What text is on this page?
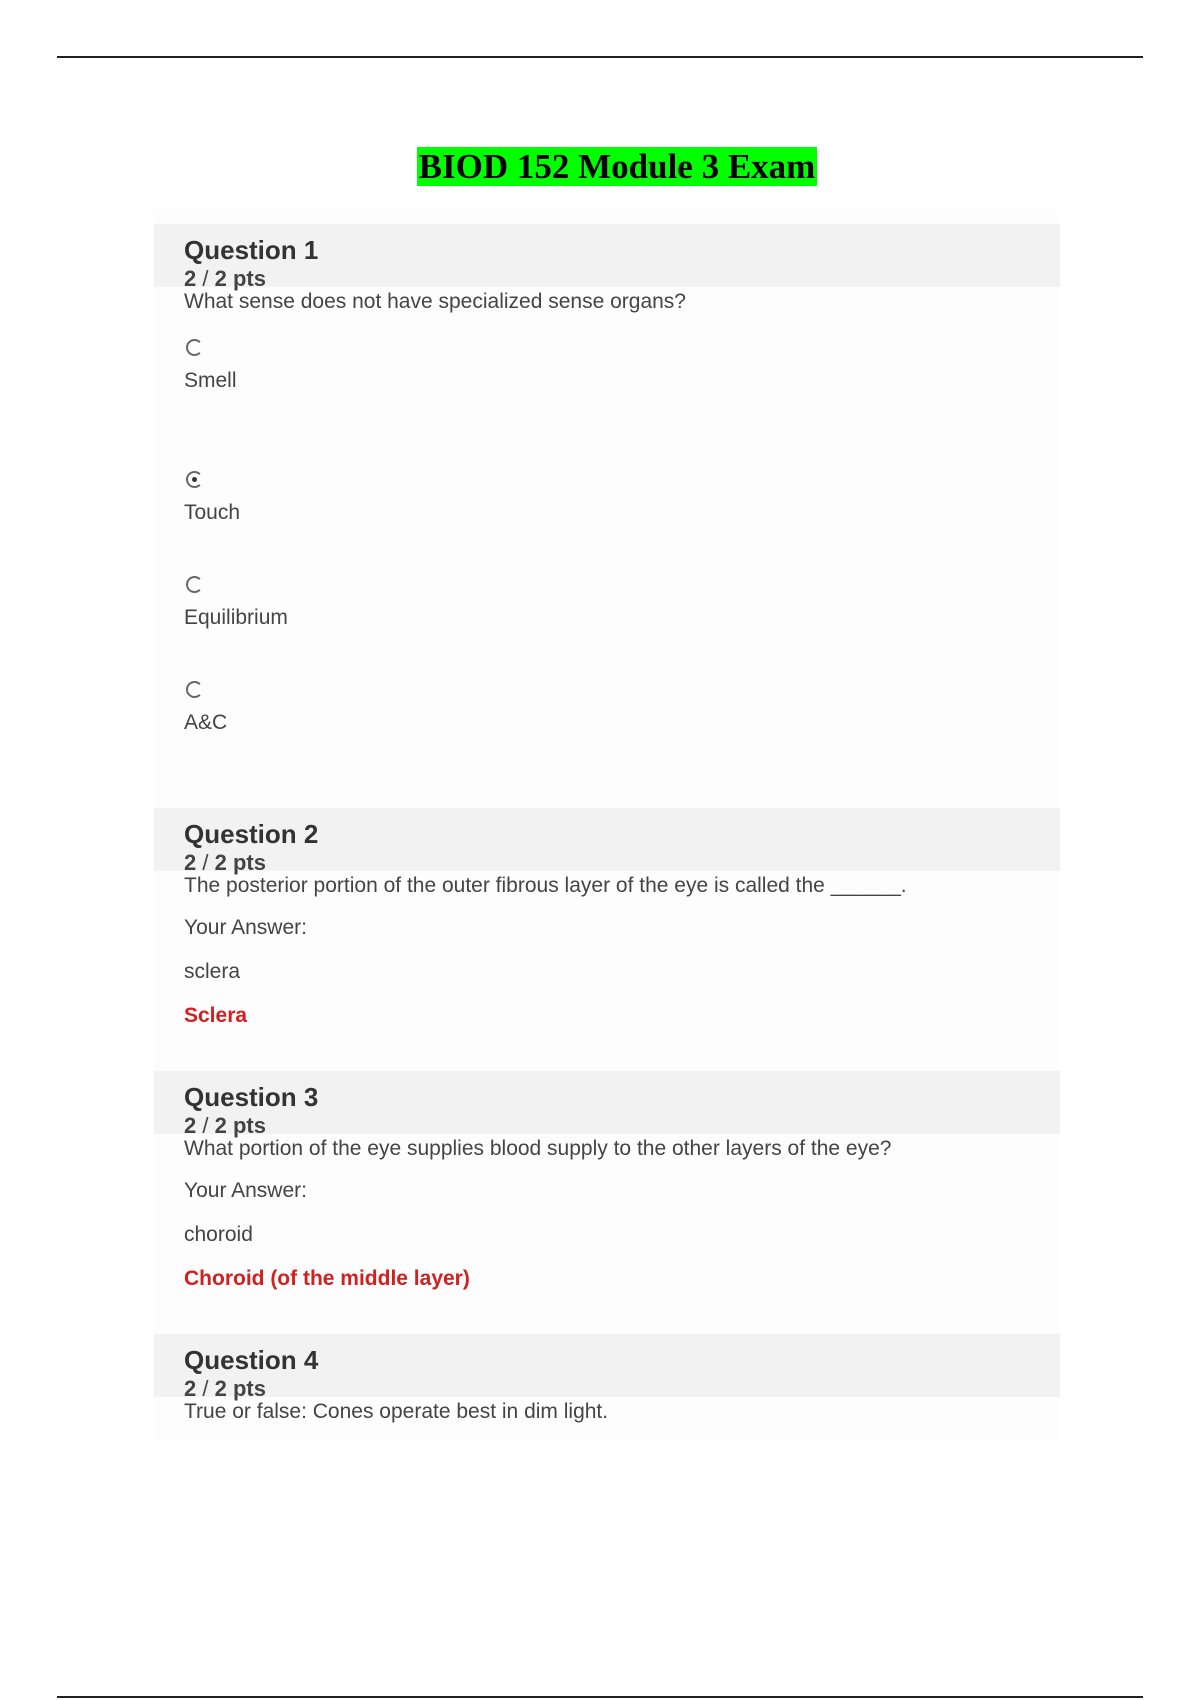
BIOD 152 Module 3 Exam
Question 1
2 / 2 pts
What sense does not have specialized sense organs?
Smell
Touch
Equilibrium
A&C
Question 2
2 / 2 pts
The posterior portion of the outer fibrous layer of the eye is called the ______.
Your Answer:
sclera
Sclera
Question 3
2 / 2 pts
What portion of the eye supplies blood supply to the other layers of the eye?
Your Answer:
choroid
Choroid (of the middle layer)
Question 4
2 / 2 pts
True or false: Cones operate best in dim light.
